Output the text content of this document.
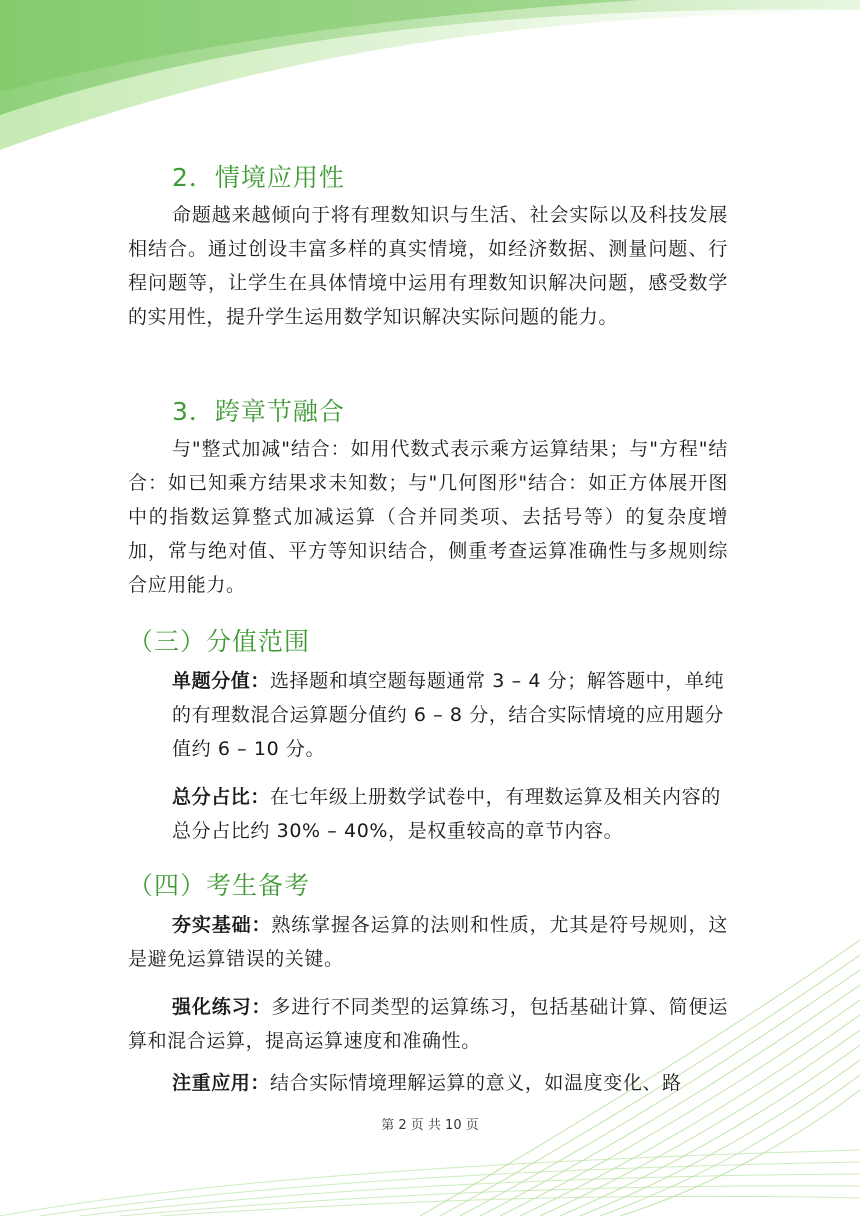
2．情境应用性

命题越来越倾向于将有理数知识与生活、社会实际以及科技发展相结合。通过创设丰富多样的真实情境，如经济数据、测量问题、行程问题等，让学生在具体情境中运用有理数知识解决问题，感受数学的实用性，提升学生运用数学知识解决实际问题的能力。

3．跨章节融合

与"整式加减"结合：如用代数式表示乘方运算结果；与"方程"结合：如已知乘方结果求未知数；与"几何图形"结合：如正方体展开图中的指数运算整式加减运算（合并同类项、去括号等）的复杂度增加，常与绝对值、平方等知识结合，侧重考查运算准确性与多规则综合应用能力。

（三）分值范围

单题分值：选择题和填空题每题通常 3 – 4 分；解答题中，单纯的有理数混合运算题分值约 6 – 8 分，结合实际情境的应用题分值约 6 – 10 分。

总分占比：在七年级上册数学试卷中，有理数运算及相关内容的总分占比约 30% – 40%，是权重较高的章节内容。

（四）考生备考

夯实基础：熟练掌握各运算的法则和性质，尤其是符号规则，这是避免运算错误的关键。

强化练习：多进行不同类型的运算练习，包括基础计算、简便运算和混合运算，提高运算速度和准确性。

注重应用：结合实际情境理解运算的意义，如温度变化、路

第 2 页 共 10 页
